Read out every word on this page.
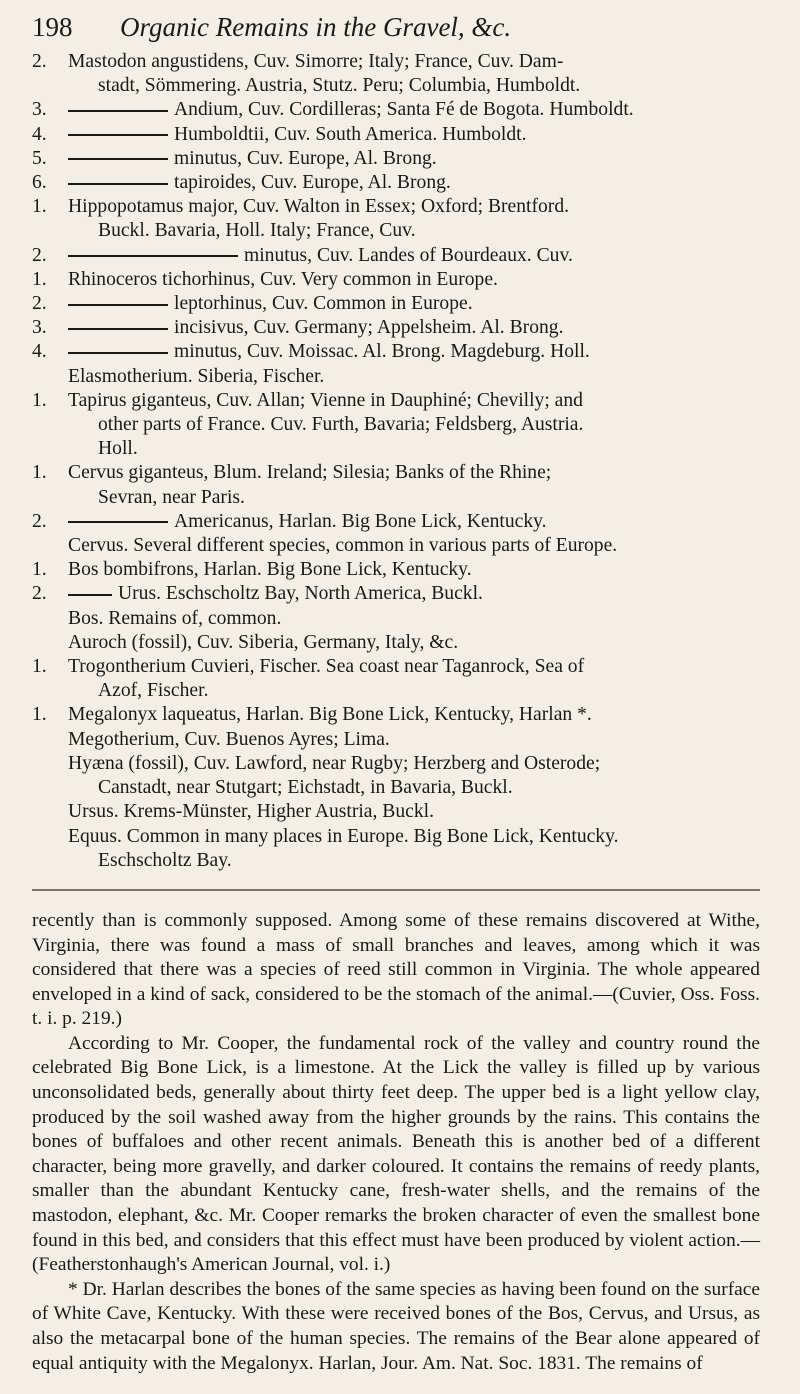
198	Organic Remains in the Gravel, &c.
2.	Mastodon angustidens, Cuv. Simorre; Italy; France, Cuv. Dam-
stadt, Sömmering. Austria, Stutz. Peru; Columbia, Humboldt.
3.	Andium, Cuv. Cordilleras; Santa Fé de Bogota. Humboldt.
4.	Humboldtii, Cuv. South America. Humboldt.
5.	minutus, Cuv. Europe, Al. Brong.
6.	tapiroides, Cuv. Europe, Al. Brong.
1.	Hippopotamus major, Cuv. Walton in Essex; Oxford; Brentford.
Buckl. Bavaria, Holl. Italy; France, Cuv.
2.	minutus, Cuv. Landes of Bourdeaux. Cuv.
1.	Rhinoceros tichorhinus, Cuv. Very common in Europe.
2.	leptorhinus, Cuv. Common in Europe.
3.	incisivus, Cuv. Germany; Appelsheim. Al. Brong.
4.	minutus, Cuv. Moissac. Al. Brong. Magdeburg. Holl.
Elasmotherium. Siberia, Fischer.
1.	Tapirus giganteus, Cuv. Allan; Vienne in Dauphiné; Chevilly; and
other parts of France. Cuv. Furth, Bavaria; Feldsberg, Austria.
Holl.
1.	Cervus giganteus, Blum. Ireland; Silesia; Banks of the Rhine;
Sevran, near Paris.
2.	Americanus, Harlan. Big Bone Lick, Kentucky.
Cervus. Several different species, common in various parts of Europe.
1.	Bos bombifrons, Harlan. Big Bone Lick, Kentucky.
2.	Urus. Eschscholtz Bay, North America, Buckl.
Bos. Remains of, common.
Auroch (fossil), Cuv. Siberia, Germany, Italy, &c.
1.	Trogontherium Cuvieri, Fischer. Sea coast near Taganrock, Sea of
Azof, Fischer.
1.	Megalonyx laqueatus, Harlan. Big Bone Lick, Kentucky, Harlan *.
Megotherium, Cuv. Buenos Ayres; Lima.
Hyæna (fossil), Cuv. Lawford, near Rugby; Herzberg and Osterode;
Canstadt, near Stutgart; Eichstadt, in Bavaria, Buckl.
Ursus. Krems-Münster, Higher Austria, Buckl.
Equus. Common in many places in Europe. Big Bone Lick, Kentucky.
Eschscholtz Bay.

recently than is commonly supposed. Among some of these remains discovered at Withe, Virginia, there was found a mass of small branches and leaves, among which it was considered that there was a species of reed still common in Virginia. The whole appeared enveloped in a kind of sack, considered to be the stomach of the animal.—(Cuvier, Oss. Foss. t. i. p. 219.)

According to Mr. Cooper, the fundamental rock of the valley and country round the celebrated Big Bone Lick, is a limestone. At the Lick the valley is filled up by various unconsolidated beds, generally about thirty feet deep. The upper bed is a light yellow clay, produced by the soil washed away from the higher grounds by the rains. This contains the bones of buffaloes and other recent animals. Beneath this is another bed of a different character, being more gravelly, and darker coloured. It contains the remains of reedy plants, smaller than the abundant Kentucky cane, fresh-water shells, and the remains of the mastodon, elephant, &c. Mr. Cooper remarks the broken character of even the smallest bone found in this bed, and considers that this effect must have been produced by violent action.—(Featherstonhaugh's American Journal, vol. i.)

* Dr. Harlan describes the bones of the same species as having been found on the surface of White Cave, Kentucky. With these were received bones of the Bos, Cervus, and Ursus, as also the metacarpal bone of the human species. The remains of the Bear alone appeared of equal antiquity with the Megalonyx. Harlan, Jour. Am. Nat. Soc. 1831. The remains of
